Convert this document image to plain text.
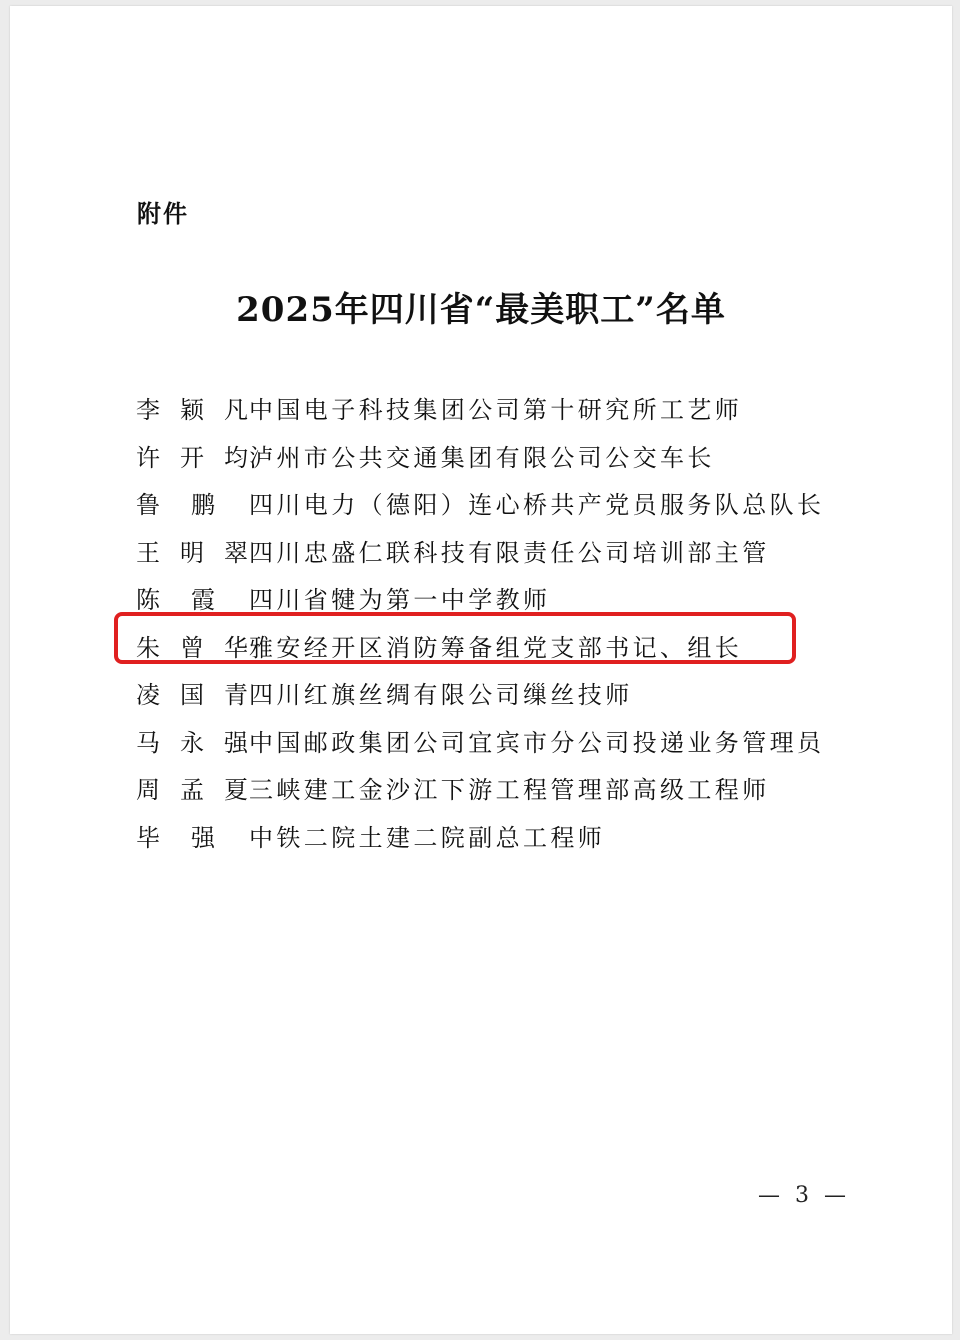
附件
2025年四川省“最美职工”名单
李 颖 凡 中国电子科技集团公司第十研究所工艺师
许 开 均 泸州市公共交通集团有限公司公交车长
鲁 鹏 四川电力（德阳）连心桥共产党员服务队总队长
王 明 翠 四川忠盛仁联科技有限责任公司培训部主管
陈 霞 四川省犍为第一中学教师
朱 曾 华 雅安经开区消防筹备组党支部书记、组长
凌 国 青 四川红旗丝绸有限公司缫丝技师
马 永 强 中国邮政集团公司宜宾市分公司投递业务管理员
周 孟 夏 三峡建工金沙江下游工程管理部高级工程师
毕 强 中铁二院土建二院副总工程师
— 3 —
